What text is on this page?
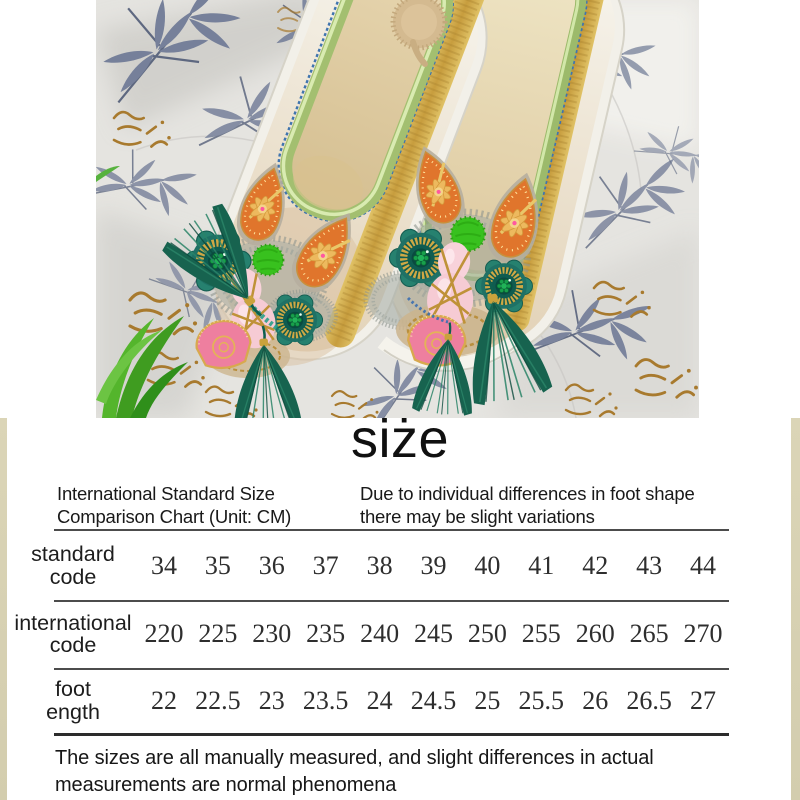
siże
International Standard Size
Comparison Chart (Unit: CM)
Due to individual differences in foot shape
there may be slight variations
standard
code	34	35	36	37	38	39	40	41	42	43	44
international
code 220 225 230 235 240 245 250 255 260 265 270
foot
ength	22 22.5 23 23.5 24 24.5 25 25.5 26 26.5 27
The sizes are all manually measured, and slight differences in actual
measurements are normal phenomena
